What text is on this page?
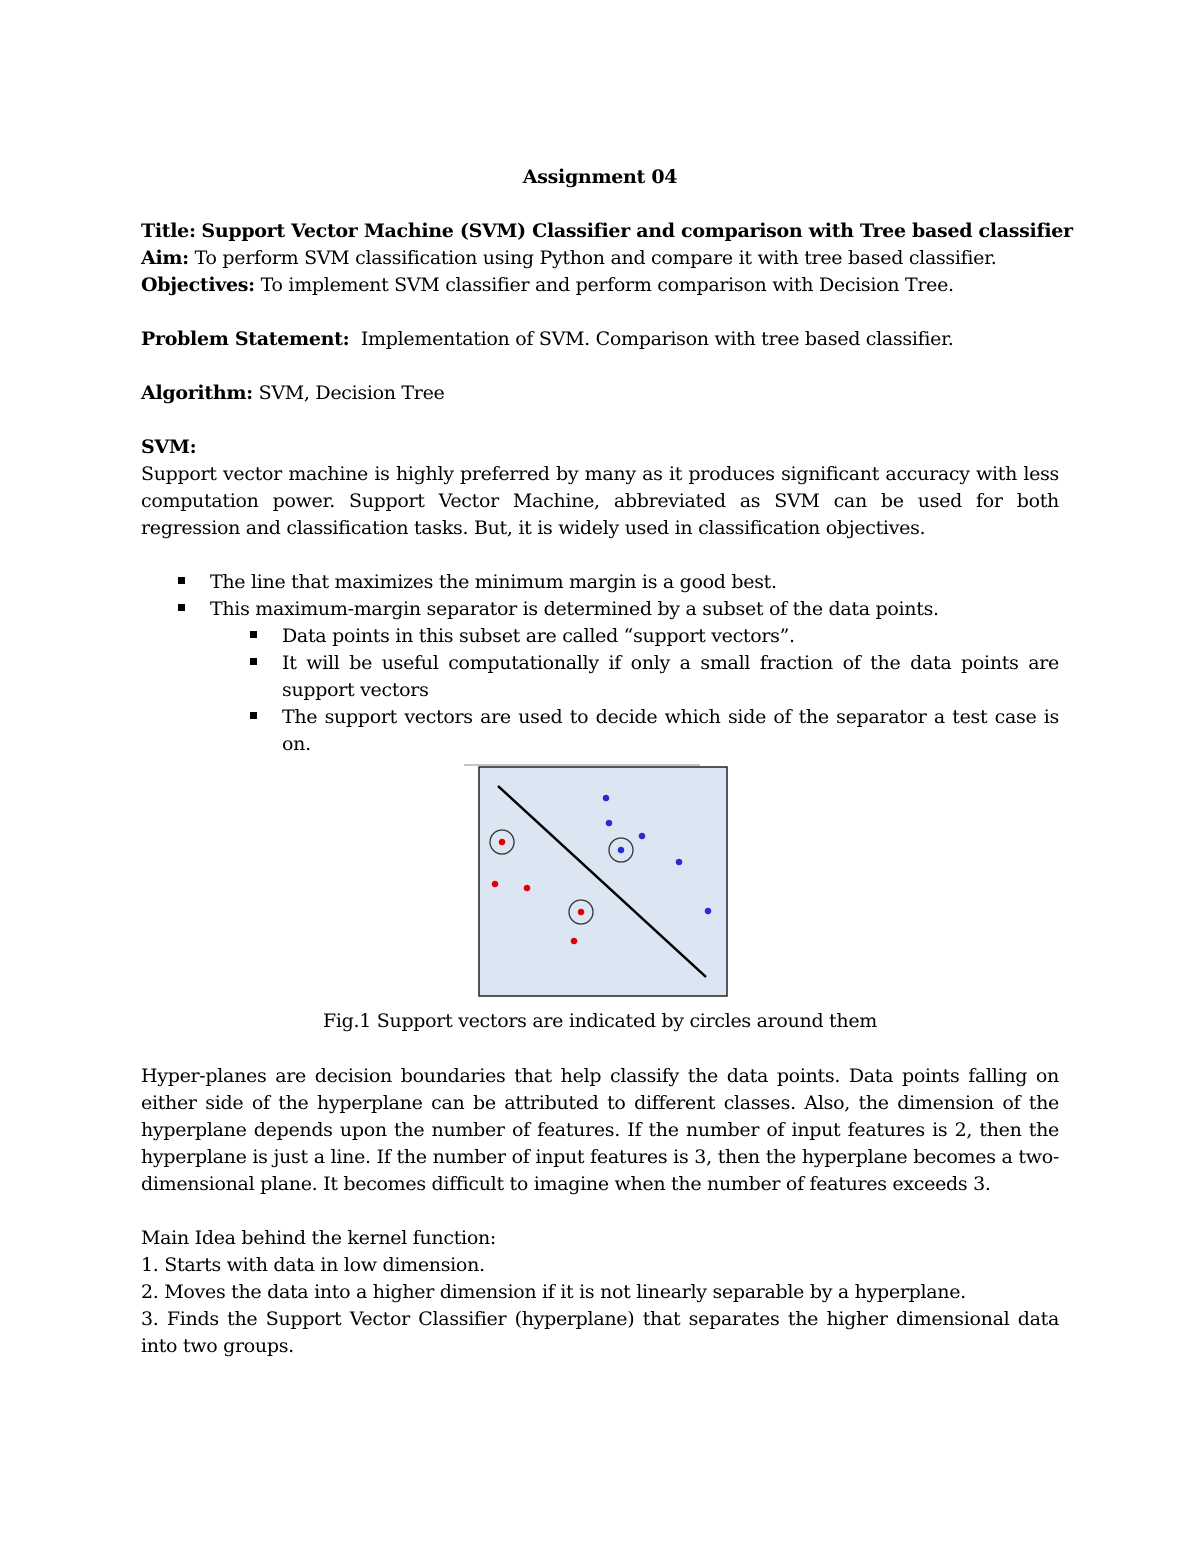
Assignment 04
Title: Support Vector Machine (SVM) Classifier and comparison with Tree based classifier
Aim: To perform SVM classification using Python and compare it with tree based classifier.
Objectives: To implement SVM classifier and perform comparison with Decision Tree.
Problem Statement: Implementation of SVM. Comparison with tree based classifier.
Algorithm: SVM, Decision Tree
SVM:
Support vector machine is highly preferred by many as it produces significant accuracy with less
computation power. Support Vector Machine, abbreviated as SVM can be used for both
regression and classification tasks. But, it is widely used in classification objectives.
The line that maximizes the minimum margin is a good best.
This maximum-margin separator is determined by a subset of the data points.
Data points in this subset are called “support vectors”.
It will be useful computationally if only a small fraction of the data points are
support vectors
The support vectors are used to decide which side of the separator a test case is
on.
Fig.1 Support vectors are indicated by circles around them
Hyper-planes are decision boundaries that help classify the data points. Data points falling on
either side of the hyperplane can be attributed to different classes. Also, the dimension of the
hyperplane depends upon the number of features. If the number of input features is 2, then the
hyperplane is just a line. If the number of input features is 3, then the hyperplane becomes a two-
dimensional plane. It becomes difficult to imagine when the number of features exceeds 3.
Main Idea behind the kernel function:
1. Starts with data in low dimension.
2. Moves the data into a higher dimension if it is not linearly separable by a hyperplane.
3. Finds the Support Vector Classifier (hyperplane) that separates the higher dimensional data
into two groups.
